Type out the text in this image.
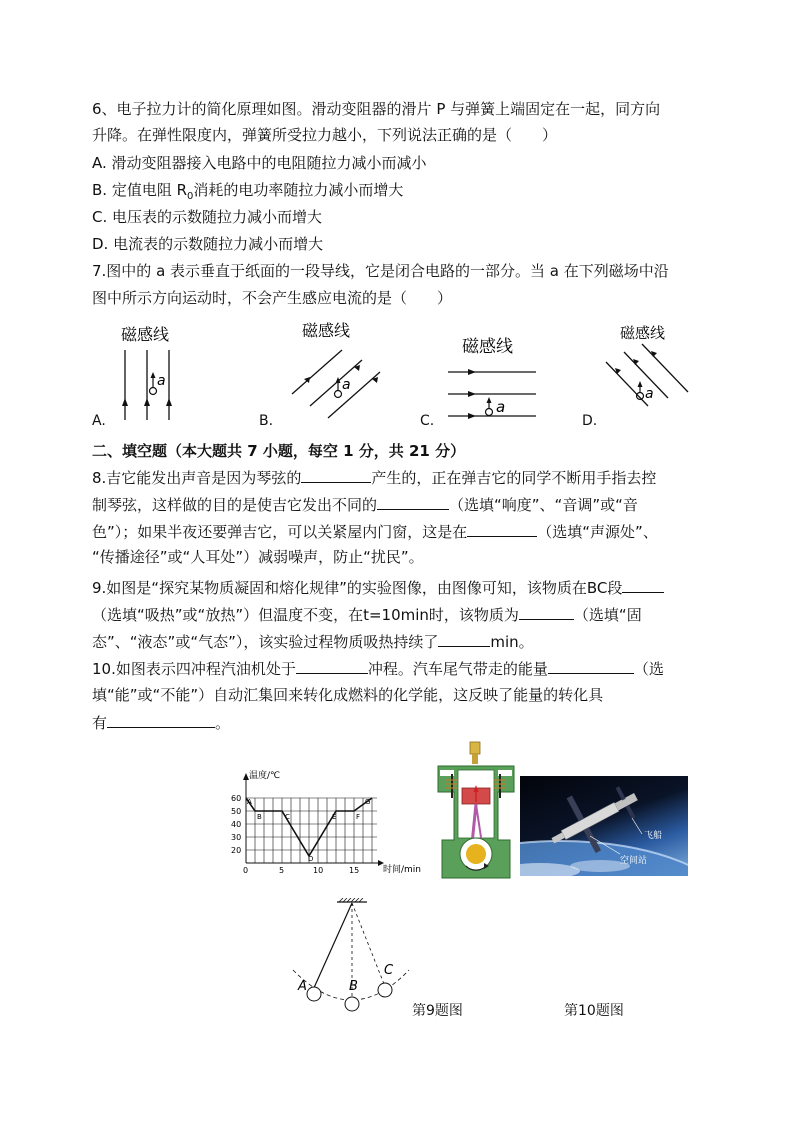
6、电子拉力计的简化原理如图。滑动变阻器的滑片 P 与弹簧上端固定在一起，同方向
升降。在弹性限度内，弹簧所受拉力越小，下列说法正确的是（　　）
A. 滑动变阻器接入电路中的电阻随拉力减小而减小
B. 定值电阻 $R_0$消耗的电功率随拉力减小而增大
C. 电压表的示数随拉力减小而增大
D. 电流表的示数随拉力减小而增大
7.图中的 a 表示垂直于纸面的一段导线，它是闭合电路的一部分。当 a 在下列磁场中沿
图中所示方向运动时，不会产生感应电流的是（　　）
磁感线
a
A.
磁感线
a
B.
磁感线
a
C.
磁感线
a
D.
二、填空题（本大题共 7 小题，每空 1 分，共 21 分）
8.吉它能发出声音是因为琴弦的	产生的，正在弹吉它的同学不断用手指去控
制琴弦，这样做的目的是使吉它发出不同的	（选填“响度”、“音调”或“音
色”）；如果半夜还要弹吉它，可以关紧屋内门窗，这是在	（选填“声源处”、
“传播途径”或“人耳处”）减弱噪声，防止“扰民”。
9.如图是“探究某物质凝固和熔化规律”的实验图像，由图像可知，该物质在BC段
（选填“吸热”或“放热”）但温度不变，在t=10min时，该物质为	（选填“固
态”、“液态”或“气态”），该实验过程物质吸热持续了	min。
10.如图表示四冲程汽油机处于	冲程。汽车尾气带走的能量	（选
填“能”或“不能”）自动汇集回来转化成燃料的化学能，这反映了能量的转化具
有	。
温度/℃
时间/min
60
50
40
30
20
0	5	10	15
A
B	C
D
E	F
G
飞船
空间站
A	B
C
第9题图	第10题图
